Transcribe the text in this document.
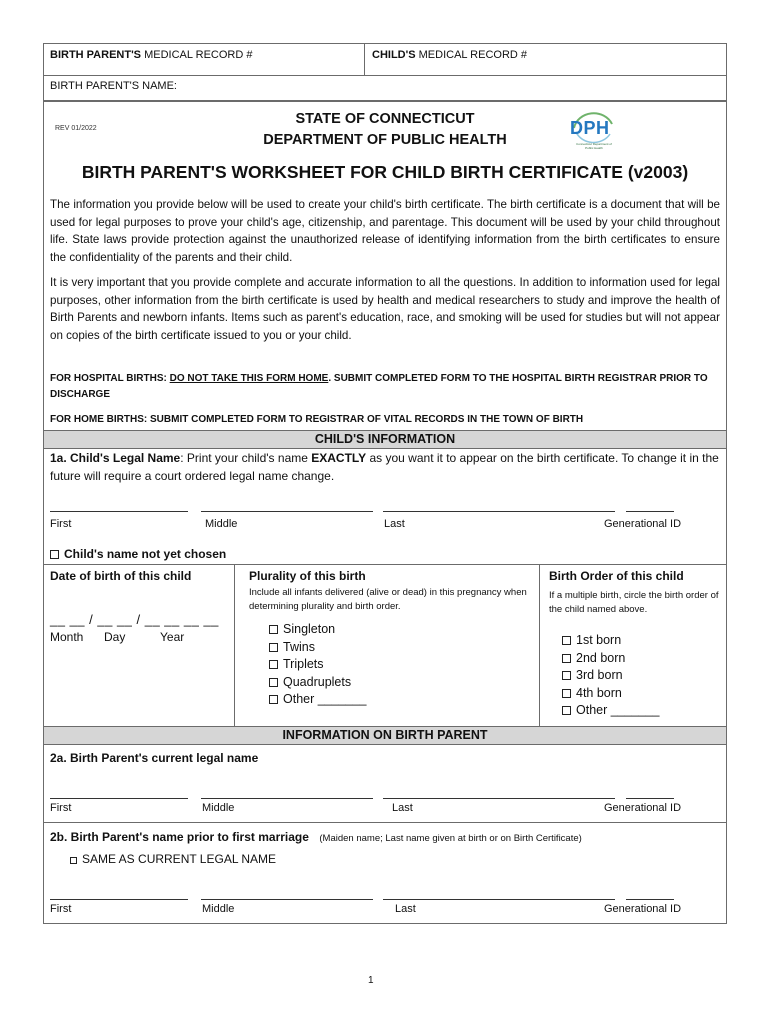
BIRTH PARENT'S MEDICAL RECORD #	CHILD'S MEDICAL RECORD #
BIRTH PARENT'S NAME:
REV 01/2022
STATE OF CONNECTICUT
DEPARTMENT OF PUBLIC HEALTH
DPH
Connecticut Department of Public Health
BIRTH PARENT'S WORKSHEET FOR CHILD BIRTH CERTIFICATE (v2003)
The information you provide below will be used to create your child's birth certificate. The birth certificate is a document that will be used for legal purposes to prove your child's age, citizenship, and parentage. This document will be used by your child throughout life. State laws provide protection against the unauthorized release of identifying information from the birth certificates to ensure the confidentiality of the parents and their child.
It is very important that you provide complete and accurate information to all the questions. In addition to information used for legal purposes, other information from the birth certificate is used by health and medical researchers to study and improve the health of Birth Parents and newborn infants. Items such as parent's education, race, and smoking will be used for studies but will not appear on copies of the birth certificate issued to you or your child.
FOR HOSPITAL BIRTHS: DO NOT TAKE THIS FORM HOME. SUBMIT COMPLETED FORM TO THE HOSPITAL BIRTH REGISTRAR PRIOR TO DISCHARGE
FOR HOME BIRTHS: SUBMIT COMPLETED FORM TO REGISTRAR OF VITAL RECORDS IN THE TOWN OF BIRTH
CHILD'S INFORMATION
1a. Child's Legal Name: Print your child's name EXACTLY as you want it to appear on the birth certificate. To change it in the future will require a court ordered legal name change.
First	Middle	Last	Generational ID
Child's name not yet chosen
Date of birth of this child
__ __ / __ __ / __ __ __ __
Month Day	Year
Plurality of this birth
Include all infants delivered (alive or dead) in this pregnancy when determining plurality and birth order.
Singleton
Twins
Triplets
Quadruplets
Other _______
Birth Order of this child
If a multiple birth, circle the birth order of the child named above.
1st born
2nd born
3rd born
4th born
Other _______
INFORMATION ON BIRTH PARENT
2a. Birth Parent's current legal name
First	Middle	Last	Generational ID
2b. Birth Parent's name prior to first marriage (Maiden name; Last name given at birth or on Birth Certificate)
SAME AS CURRENT LEGAL NAME
First	Middle	Last	Generational ID
1
